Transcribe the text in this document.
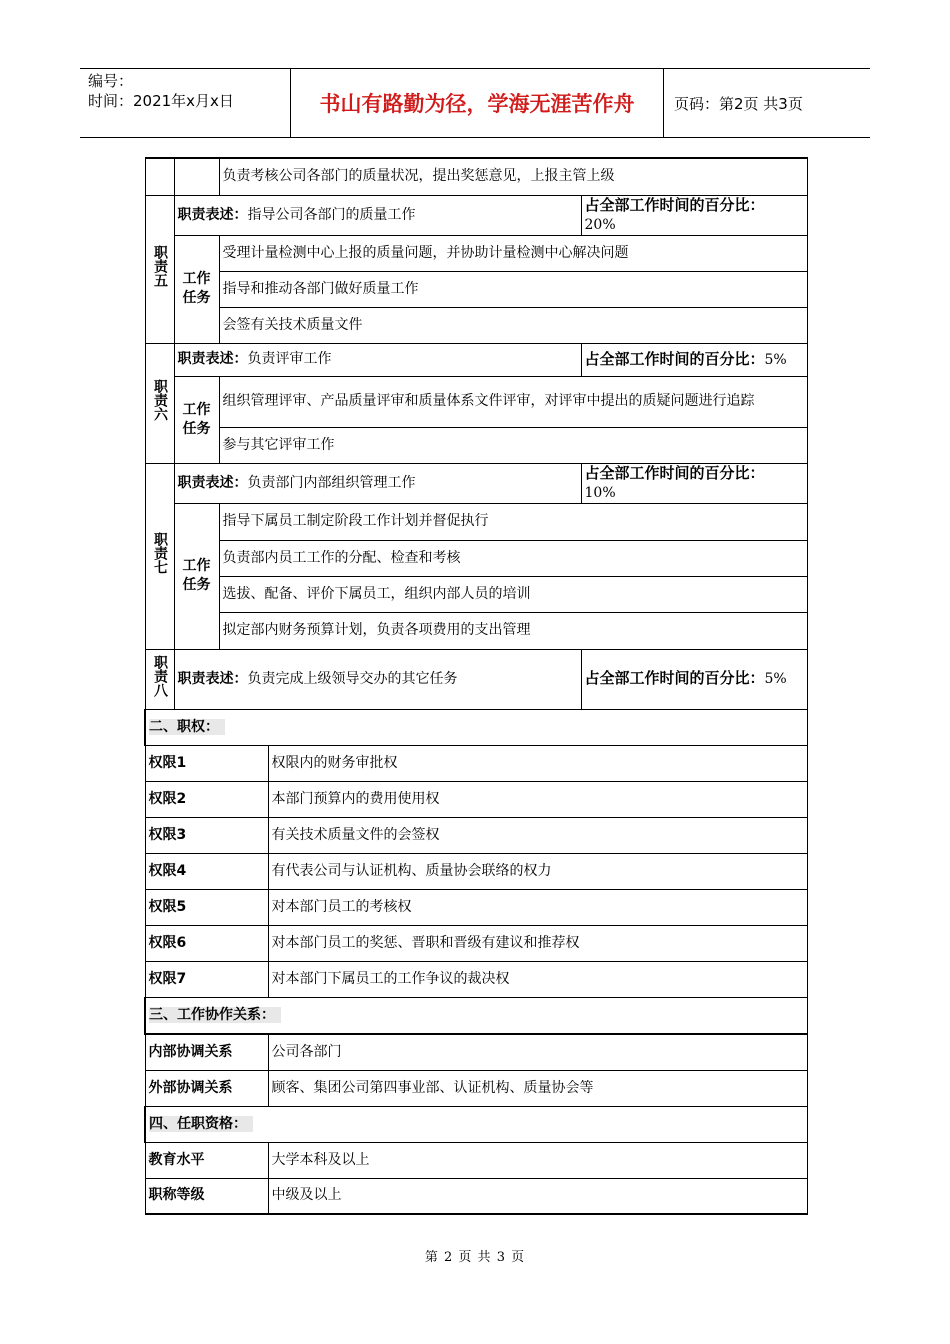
编号：
时间：2021年x月x日	书山有路勤为径，学海无涯苦作舟	页码：第2页 共3页
		负责考核公司各部门的质量状况，提出奖惩意见，上报主管上级		
职责五	职责表述：指导公司各部门的质量工作			占全部工作时间的百分比：
20%
	工作任务	受理计量检测中心上报的质量问题，并协助计量检测中心解决问题		
		指导和推动各部门做好质量工作		
		会签有关技术质量文件		
职责六	职责表述：负责评审工作			占全部工作时间的百分比：5%
	工作任务	组织管理评审、产品质量评审和质量体系文件评审，对评审中提出的质疑问题进行追踪		
		参与其它评审工作		
职责七	职责表述：负责部门内部组织管理工作			占全部工作时间的百分比：
10%
	工作任务	指导下属员工制定阶段工作计划并督促执行		
		负责部内员工工作的分配、检查和考核		
		选拔、配备、评价下属员工，组织内部人员的培训		
		拟定部内财务预算计划，负责各项费用的支出管理		
职责八	职责表述：负责完成上级领导交办的其它任务			占全部工作时间的百分比：5%
二、职权：				
权限1			权限内的财务审批权	
权限2			本部门预算内的费用使用权	
权限3			有关技术质量文件的会签权	
权限4			有代表公司与认证机构、质量协会联络的权力	
权限5			对本部门员工的考核权	
权限6			对本部门员工的奖惩、晋职和晋级有建议和推荐权	
权限7			对本部门下属员工的工作争议的裁决权	
三、工作协作关系：				
内部协调关系			公司各部门	
外部协调关系			顾客、集团公司第四事业部、认证机构、质量协会等	
四、任职资格：				
教育水平			大学本科及以上	
职称等级			中级及以上	
第 2 页 共 3 页
